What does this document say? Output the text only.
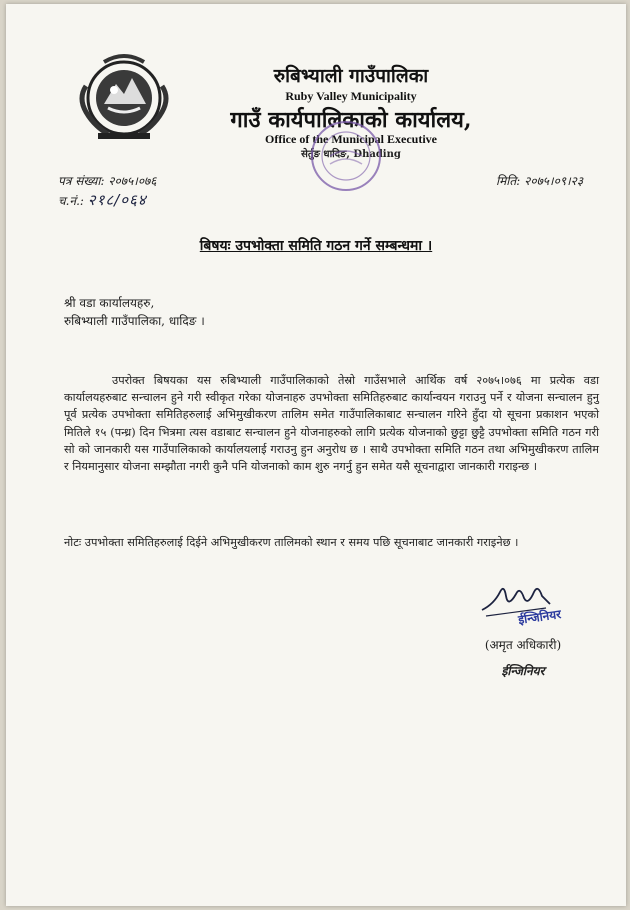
रुबिभ्याली गाउँपालिका
Ruby Valley Municipality
गाउँ कार्यपालिकाको कार्यालय,
Office of the Municipal Executive
सेर्तुङ धादिङ, Dhading
पत्र संख्या: २०७५।०७६
च.नं.: २१८/०६४
मिति: २०७५।०९।२३
बिषयः उपभोक्ता समिति गठन गर्ने सम्बन्धमा ।
श्री वडा कार्यालयहरु,
रुबिभ्याली गाउँपालिका, धादिङ ।
उपरोक्त बिषयका यस रुबिभ्याली गाउँपालिकाको तेस्रो गाउँसभाले आर्थिक वर्ष २०७५।०७६ मा प्रत्येक वडा कार्यालयहरुबाट सन्चालन हुने गरी स्वीकृत गरेका योजनाहरु उपभोक्ता समितिहरुबाट कार्यान्वयन गराउनु पर्ने र योजना सन्चालन हुनु पूर्व प्रत्येक उपभोक्ता समितिहरुलाई अभिमुखीकरण तालिम समेत गाउँपालिकाबाट सन्चालन गरिने हुँदा यो सूचना प्रकाशन भएको मितिले १५ (पन्ध्र) दिन भित्रमा त्यस वडाबाट सन्चालन हुने योजनाहरुको लागि प्रत्येक योजनाको छुट्टा छुट्टै उपभोक्ता समिति गठन गरी सो को जानकारी यस गाउँपालिकाको कार्यालयलाई गराउनु हुन अनुरोध छ । साथै उपभोक्ता समिति गठन तथा अभिमुखीकरण तालिम र नियमानुसार योजना सम्झौता नगरी कुनै पनि योजनाको काम शुरु नगर्नु हुन समेत यसै सूचनाद्वारा जानकारी गराइन्छ ।
नोटः उपभोक्ता समितिहरुलाई दिईने अभिमुखीकरण तालिमको स्थान र समय पछि सूचनाबाट जानकारी गराइनेछ ।
ईन्जिनियर
(अमृत अधिकारी)
ईन्जिनियर
